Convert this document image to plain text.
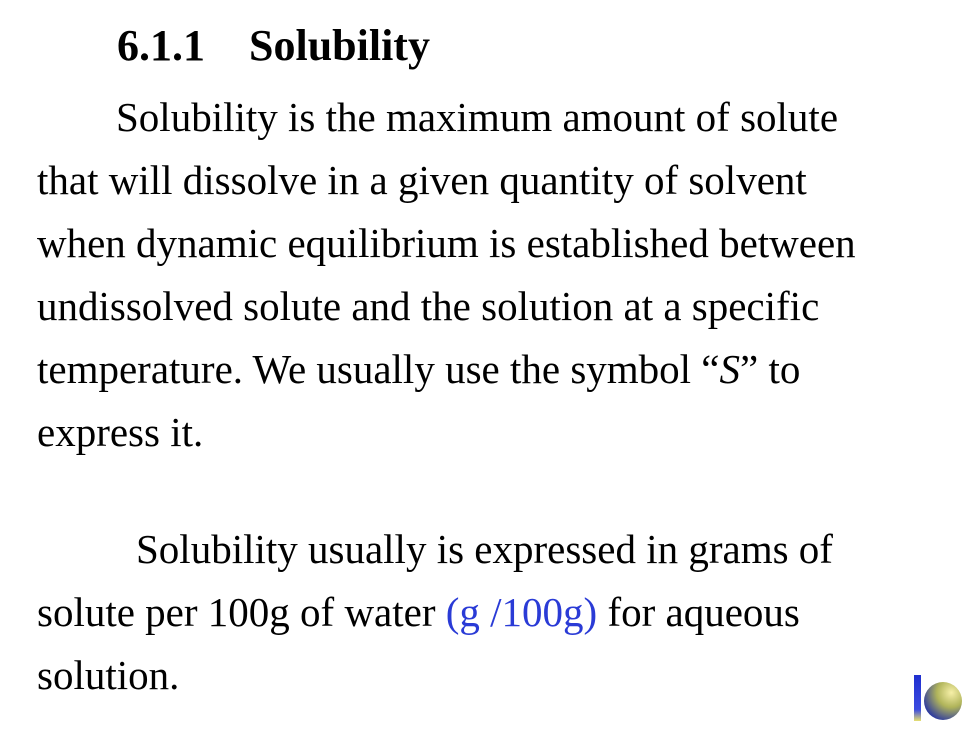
6.1.1 Solubility

Solubility is the maximum amount of solute
that will dissolve in a given quantity of solvent
when dynamic equilibrium is established between
undissolved solute and the solution at a specific
temperature. We usually use the symbol “S” to
express it.

Solubility usually is expressed in grams of
solute per 100g of water (g /100g) for aqueous
solution.
